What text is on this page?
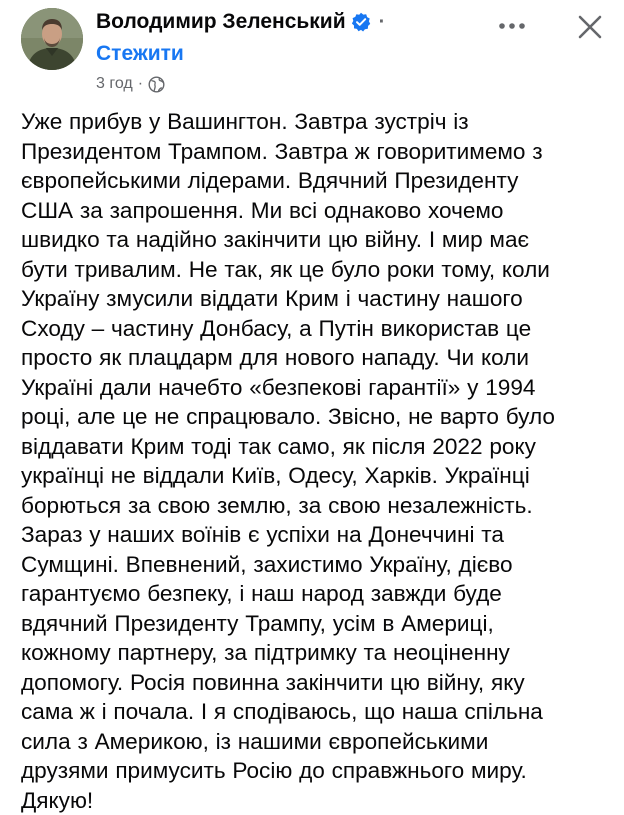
Володимир Зеленський ·
Стежити
3 год ·

Уже прибув у Вашингтон. Завтра зустріч із
Президентом Трампом. Завтра ж говоритимемо з
європейськими лідерами. Вдячний Президенту
США за запрошення. Ми всі однаково хочемо
швидко та надійно закінчити цю війну. І мир має
бути тривалим. Не так, як це було роки тому, коли
Україну змусили віддати Крим і частину нашого
Сходу – частину Донбасу, а Путін використав це
просто як плацдарм для нового нападу. Чи коли
Україні дали начебто «безпекові гарантії» у 1994
році, але це не спрацювало. Звісно, не варто було
віддавати Крим тоді так само, як після 2022 року
українці не віддали Київ, Одесу, Харків. Українці
борються за свою землю, за свою незалежність.
Зараз у наших воїнів є успіхи на Донеччині та
Сумщині. Впевнений, захистимо Україну, дієво
гарантуємо безпеку, і наш народ завжди буде
вдячний Президенту Трампу, усім в Америці,
кожному партнеру, за підтримку та неоціненну
допомогу. Росія повинна закінчити цю війну, яку
сама ж і почала. І я сподіваюсь, що наша спільна
сила з Америкою, із нашими європейськими
друзями примусить Росію до справжнього миру.
Дякую!
